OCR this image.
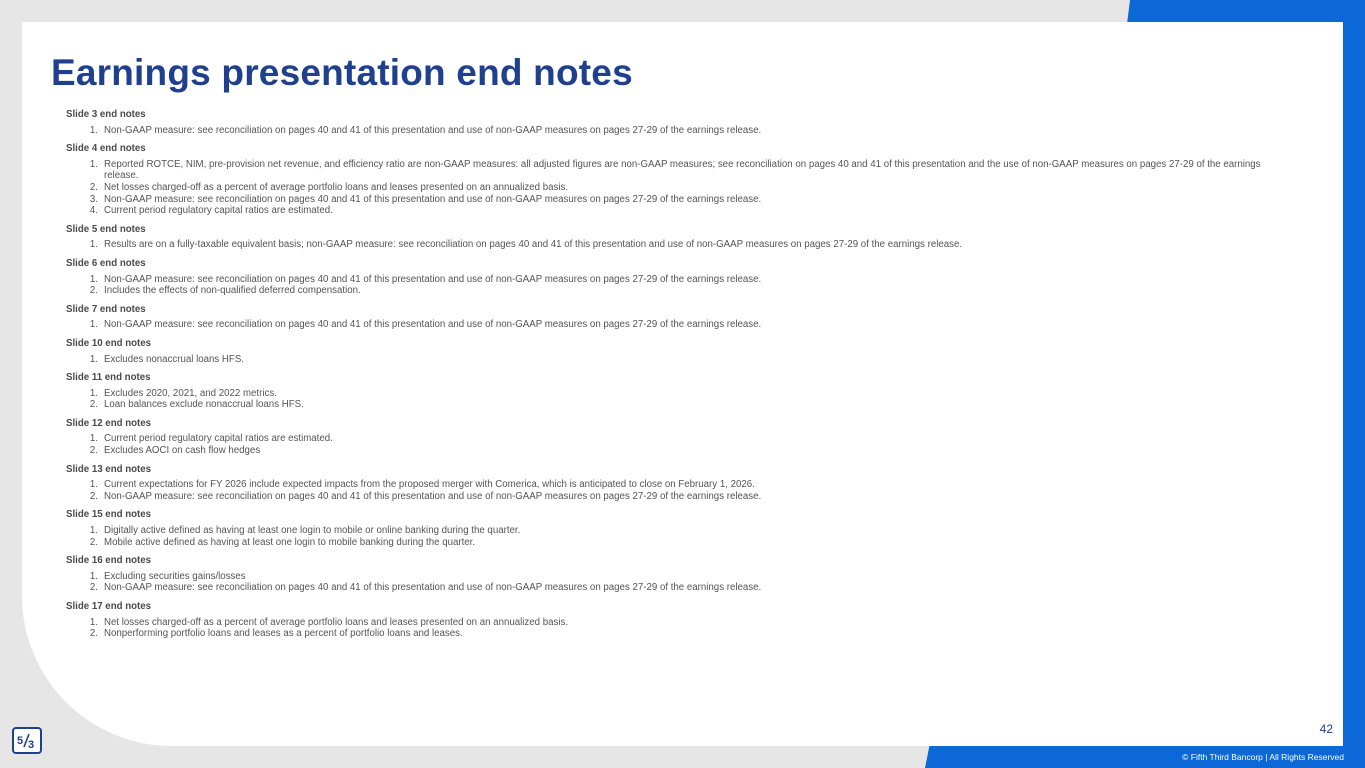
Earnings presentation end notes
Slide 3 end notes
1. Non-GAAP measure: see reconciliation on pages 40 and 41 of this presentation and use of non-GAAP measures on pages 27-29 of the earnings release.
Slide 4 end notes
1. Reported ROTCE, NIM, pre-provision net revenue, and efficiency ratio are non-GAAP measures: all adjusted figures are non-GAAP measures; see reconciliation on pages 40 and 41 of this presentation and the use of non-GAAP measures on pages 27-29 of the earnings release.
2. Net losses charged-off as a percent of average portfolio loans and leases presented on an annualized basis.
3. Non-GAAP measure: see reconciliation on pages 40 and 41 of this presentation and use of non-GAAP measures on pages 27-29 of the earnings release.
4. Current period regulatory capital ratios are estimated.
Slide 5 end notes
1. Results are on a fully-taxable equivalent basis; non-GAAP measure: see reconciliation on pages 40 and 41 of this presentation and use of non-GAAP measures on pages 27-29 of the earnings release.
Slide 6 end notes
1. Non-GAAP measure: see reconciliation on pages 40 and 41 of this presentation and use of non-GAAP measures on pages 27-29 of the earnings release.
2. Includes the effects of non-qualified deferred compensation.
Slide 7 end notes
1. Non-GAAP measure: see reconciliation on pages 40 and 41 of this presentation and use of non-GAAP measures on pages 27-29 of the earnings release.
Slide 10 end notes
1. Excludes nonaccrual loans HFS.
Slide 11 end notes
1. Excludes 2020, 2021, and 2022 metrics.
2. Loan balances exclude nonaccrual loans HFS.
Slide 12 end notes
1. Current period regulatory capital ratios are estimated.
2. Excludes AOCI on cash flow hedges
Slide 13 end notes
1. Current expectations for FY 2026 include expected impacts from the proposed merger with Comerica, which is anticipated to close on February 1, 2026.
2. Non-GAAP measure: see reconciliation on pages 40 and 41 of this presentation and use of non-GAAP measures on pages 27-29 of the earnings release.
Slide 15 end notes
1. Digitally active defined as having at least one login to mobile or online banking during the quarter.
2. Mobile active defined as having at least one login to mobile banking during the quarter.
Slide 16 end notes
1. Excluding securities gains/losses
2. Non-GAAP measure: see reconciliation on pages 40 and 41 of this presentation and use of non-GAAP measures on pages 27-29 of the earnings release.
Slide 17 end notes
1. Net losses charged-off as a percent of average portfolio loans and leases presented on an annualized basis.
2. Nonperforming portfolio loans and leases as a percent of portfolio loans and leases.
42
5 3
© Fifth Third Bancorp | All Rights Reserved
